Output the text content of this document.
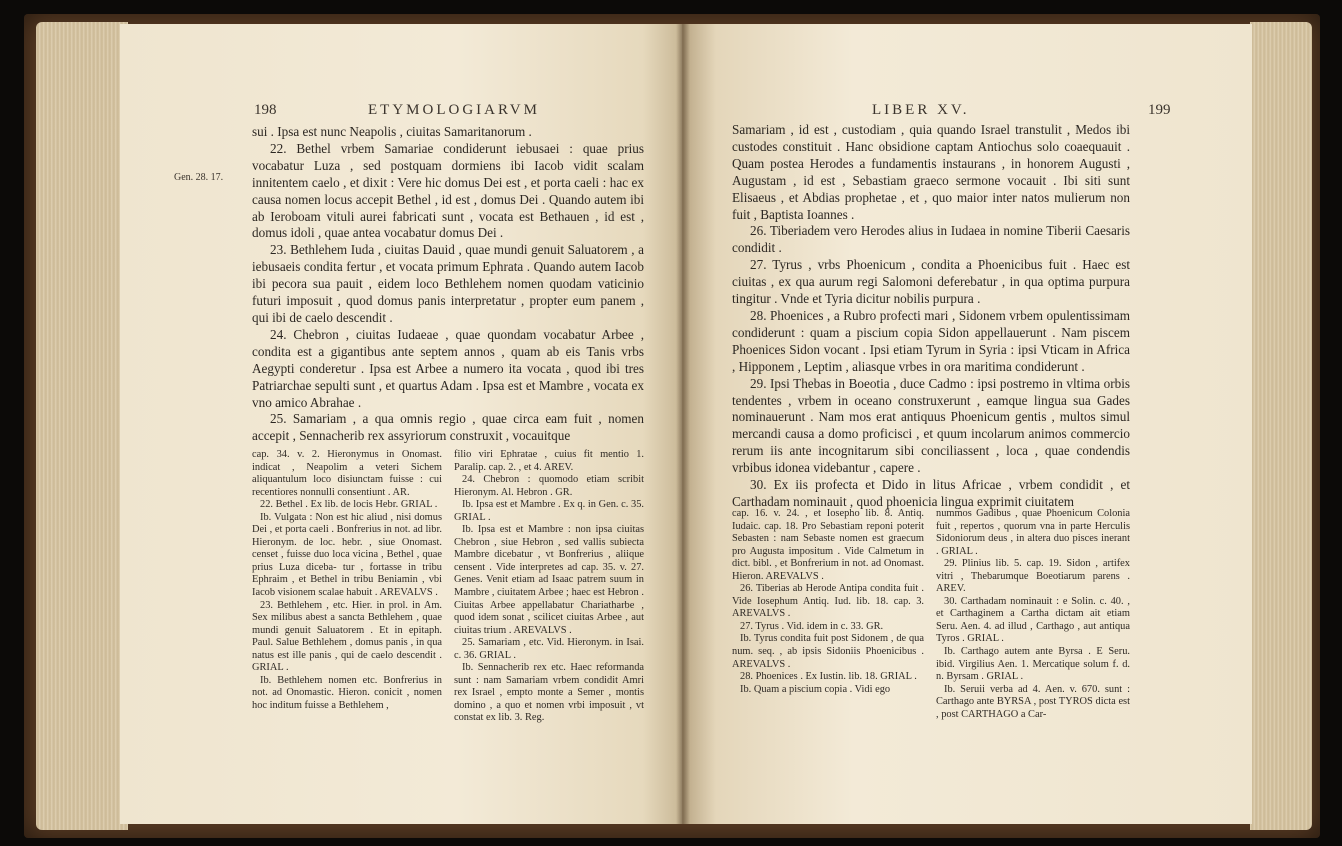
198	ETYMOLOGIARVM

sui . Ipsa est nunc Neapolis , ciuitas Samaritanorum .

22. Bethel vrbem Samariae condiderunt iebusaei : quae prius vocabatur Luza , sed postquam dormiens ibi Iacob vidit scalam innitentem caelo , et dixit : Vere hic domus Dei est , et porta caeli : hac ex causa nomen locus accepit Bethel , id est , domus Dei . Quando autem ibi ab Ieroboam vituli aurei fabricati sunt , vocata est Bethauen , id est , domus idoli , quae antea vocabatur domus Dei .

23. Bethlehem Iuda , ciuitas Dauid , quae mundi genuit Saluatorem , a iebusaeis condita fertur , et vocata primum Ephrata . Quando autem Iacob ibi pecora sua pauit , eidem loco Bethlehem nomen quodam vaticinio futuri imposuit , quod domus panis interpretatur , propter eum panem , qui ibi de caelo descendit .

24. Chebron , ciuitas Iudaeae , quae quondam vocabatur Arbee , condita est a gigantibus ante septem annos , quam ab eis Tanis vrbs Aegypti conderetur . Ipsa est Arbee a numero ita vocata , quod ibi tres Patriarchae sepulti sunt , et quartus Adam . Ipsa est et Mambre , vocata ex vno amico Abrahae .

25. Samariam , a qua omnis regio , quae circa eam fuit , nomen accepit , Sennacherib rex assyriorum construxit , vocauitque

cap. 34. v. 2. Hieronymus in Onomast. indicat , Neapolim a veteri Sichem aliquantulum loco disiunctam fuisse : cui recentiores nonnulli consentiunt . AR.

22. Bethel . Ex lib. de locis Hebr. GRIAL .

Ib. Vulgata : Non est hic aliud , nisi domus Dei , et porta caeli . Bonfrerius in not. ad libr. Hieronym. de loc. hebr. , siue Onomast. censet , fuisse duo loca vicina , Bethel , quae prius Luza diceba- tur , fortasse in tribu Ephraim , et Bethel in tribu Beniamin , vbi Iacob visionem scalae habuit . AREVALVS .

23. Bethlehem , etc. Hier. in prol. in Am. Sex milibus abest a sancta Bethlehem , quae mundi genuit Saluatorem . Et in epitaph. Paul. Salue Bethlehem , domus panis , in qua natus est ille panis , qui de caelo descendit . GRIAL .

Ib. Bethlehem nomen etc. Bonfrerius in not. ad Onomastic. Hieron. conicit , nomen hoc inditum fuisse a Bethlehem ,

filio viri Ephratae , cuius fit mentio 1. Paralip. cap. 2. , et 4. AREV.

24. Chebron : quomodo etiam scribit Hieronym. Al. Hebron . GR.

Ib. Ipsa est et Mambre . Ex q. in Gen. c. 35. GRIAL .

Ib. Ipsa est et Mambre : non ipsa ciuitas Chebron , siue Hebron , sed vallis subiecta Mambre dicebatur , vt Bonfrerius , aliique censent . Vide interpretes ad cap. 35. v. 27. Genes. Venit etiam ad Isaac patrem suum in Mambre , ciuitatem Arbee ; haec est Hebron . Ciuitas Arbee appellabatur Chariatharbe , quod idem sonat , scilicet ciuitas Arbee , aut ciuitas trium . AREVALVS .

25. Samariam , etc. Vid. Hieronym. in Isai. c. 36. GRIAL .

Ib. Sennacherib rex etc. Haec reformanda sunt : nam Samariam vrbem condidit Amri rex Israel , empto monte a Semer , montis domino , a quo et nomen vrbi imposuit , vt constat ex lib. 3. Reg.

Gen. 28. 17.
LIBER XV.	199

Samariam , id est , custodiam , quia quando Israel transtulit , Medos ibi custodes constituit . Hanc obsidione captam Antiochus solo coaequauit . Quam postea Herodes a fundamentis instaurans , in honorem Augusti , Augustam , id est , Sebastiam graeco sermone vocauit . Ibi siti sunt Elisaeus , et Abdias prophetae , et , quo maior inter natos mulierum non fuit , Baptista Ioannes .

26. Tiberiadem vero Herodes alius in Iudaea in nomine Tiberii Caesaris condidit .

27. Tyrus , vrbs Phoenicum , condita a Phoenicibus fuit . Haec est ciuitas , ex qua aurum regi Salomoni deferebatur , in qua optima purpura tingitur . Vnde et Tyria dicitur nobilis purpura .

28. Phoenices , a Rubro profecti mari , Sidonem vrbem opulentissimam condiderunt : quam a piscium copia Sidon appellauerunt . Nam piscem Phoenices Sidon vocant . Ipsi etiam Tyrum in Syria : ipsi Vticam in Africa , Hipponem , Leptim , aliasque vrbes in ora maritima condiderunt .

29. Ipsi Thebas in Boeotia , duce Cadmo : ipsi postremo in vltima orbis tendentes , vrbem in oceano construxerunt , eamque lingua sua Gades nominauerunt . Nam mos erat antiquus Phoenicum gentis , multos simul mercandi causa a domo proficisci , et quum incolarum animos commercio rerum iis ante incognitarum sibi conciliassent , loca , quae condendis vrbibus idonea videbantur , capere .

30. Ex iis profecta et Dido in litus Africae , vrbem condidit , et Carthadam nominauit , quod phoenicia lingua exprimit ciuitatem

cap. 16. v. 24. , et Iosepho lib. 8. Antiq. Iudaic. cap. 18. Pro Sebastiam reponi poterit Sebasten : nam Sebaste nomen est graecum pro Augusta impositum . Vide Calmetum in dict. bibl. , et Bonfrerium in not. ad Onomast. Hieron. AREVALVS .

26. Tiberias ab Herode Antipa condita fuit . Vide Iosephum Antiq. Iud. lib. 18. cap. 3. AREVALVS .

27. Tyrus . Vid. idem in c. 33. GR.

Ib. Tyrus condita fuit post Sidonem , de qua num. seq. , ab ipsis Sidoniis Phoenicibus . AREVALVS .

28. Phoenices . Ex Iustin. lib. 18. GRIAL .

Ib. Quam a piscium copia . Vidi ego

nummos Gadibus , quae Phoenicum Colonia fuit , repertos , quorum vna in parte Herculis Sidoniorum deus , in altera duo pisces inerant . GRIAL .

29. Plinius lib. 5. cap. 19. Sidon , artifex vitri , Thebarumque Boeotiarum parens . AREV.

30. Carthadam nominauit : e Solin. c. 40. , et Carthaginem a Cartha dictam ait etiam Seru. Aen. 4. ad illud , Carthago , aut antiqua Tyros . GRIAL .

Ib. Carthago autem ante Byrsa . E Seru. ibid. Virgilius Aen. 1. Mercatique solum f. d. n. Byrsam . GRIAL .

Ib. Seruii verba ad 4. Aen. v. 670. sunt : Carthago ante BYRSA , post TYROS dicta est , post CARTHAGO a Car-
